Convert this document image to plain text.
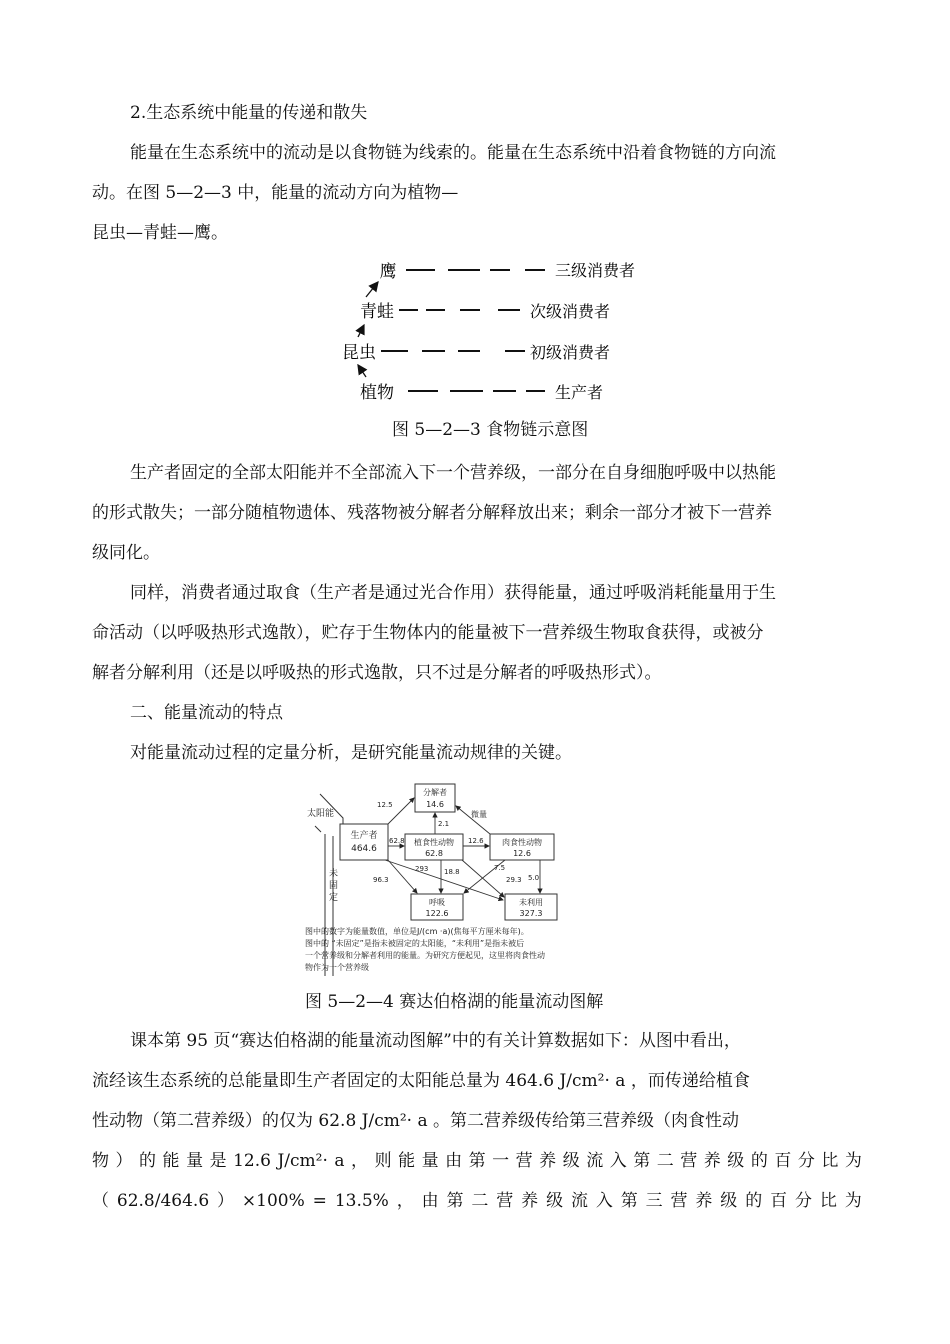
2.生态系统中能量的传递和散失
能量在生态系统中的流动是以食物链为线索的。能量在生态系统中沿着食物链的方向流
动。在图 5—2—3 中，能量的流动方向为植物—
昆虫—青蛙—鹰。
鹰
青蛙
昆虫
植物
三级消费者
次级消费者
初级消费者
生产者
图 5—2—3 食物链示意图
生产者固定的全部太阳能并不全部流入下一个营养级，一部分在自身细胞呼吸中以热能
的形式散失；一部分随植物遗体、残落物被分解者分解释放出来；剩余一部分才被下一营养
级同化。
同样，消费者通过取食（生产者是通过光合作用）获得能量，通过呼吸消耗能量用于生
命活动（以呼吸热形式逸散），贮存于生物体内的能量被下一营养级生物取食获得，或被分
解者分解利用（还是以呼吸热的形式逸散，只不过是分解者的呼吸热形式）。
二、能量流动的特点
对能量流动过程的定量分析，是研究能量流动规律的关键。
太阳能
未
固
定
生产者
464.6
分解者
14.6
植食性动物
62.8
肉食性动物
12.6
呼吸
122.6
未利用
327.3
12.5
2.1
62.8	12.6
293 18.8
96.3
7.5
29.3 5.0
微量
图中的数字为能量数值，单位是J/(cm ·a)(焦每平方厘米每年)。
图中的 “未固定”是指未被固定的太阳能，“未利用”是指未被后
一个营养级和分解者利用的能量。为研究方便起见，这里将肉食性动
物作为一个营养级
图 5—2—4 赛达伯格湖的能量流动图解
课本第 95 页“赛达伯格湖的能量流动图解”中的有关计算数据如下：从图中看出，
流经该生态系统的总能量即生产者固定的太阳能总量为 464.6 J/cm²· a ，而传递给植食
性动物（第二营养级）的仅为 62.8 J/cm²· a 。第二营养级传给第三营养级（肉食性动
物 ） 的 能 量 是 12.6 J/cm²· a ， 则 能 量 由 第 一 营 养 级 流 入 第 二 营 养 级 的 百 分 比 为
（ 62.8/464.6 ） ×100% = 13.5% ， 由 第 二 营 养 级 流 入 第 三 营 养 级 的 百 分 比 为
